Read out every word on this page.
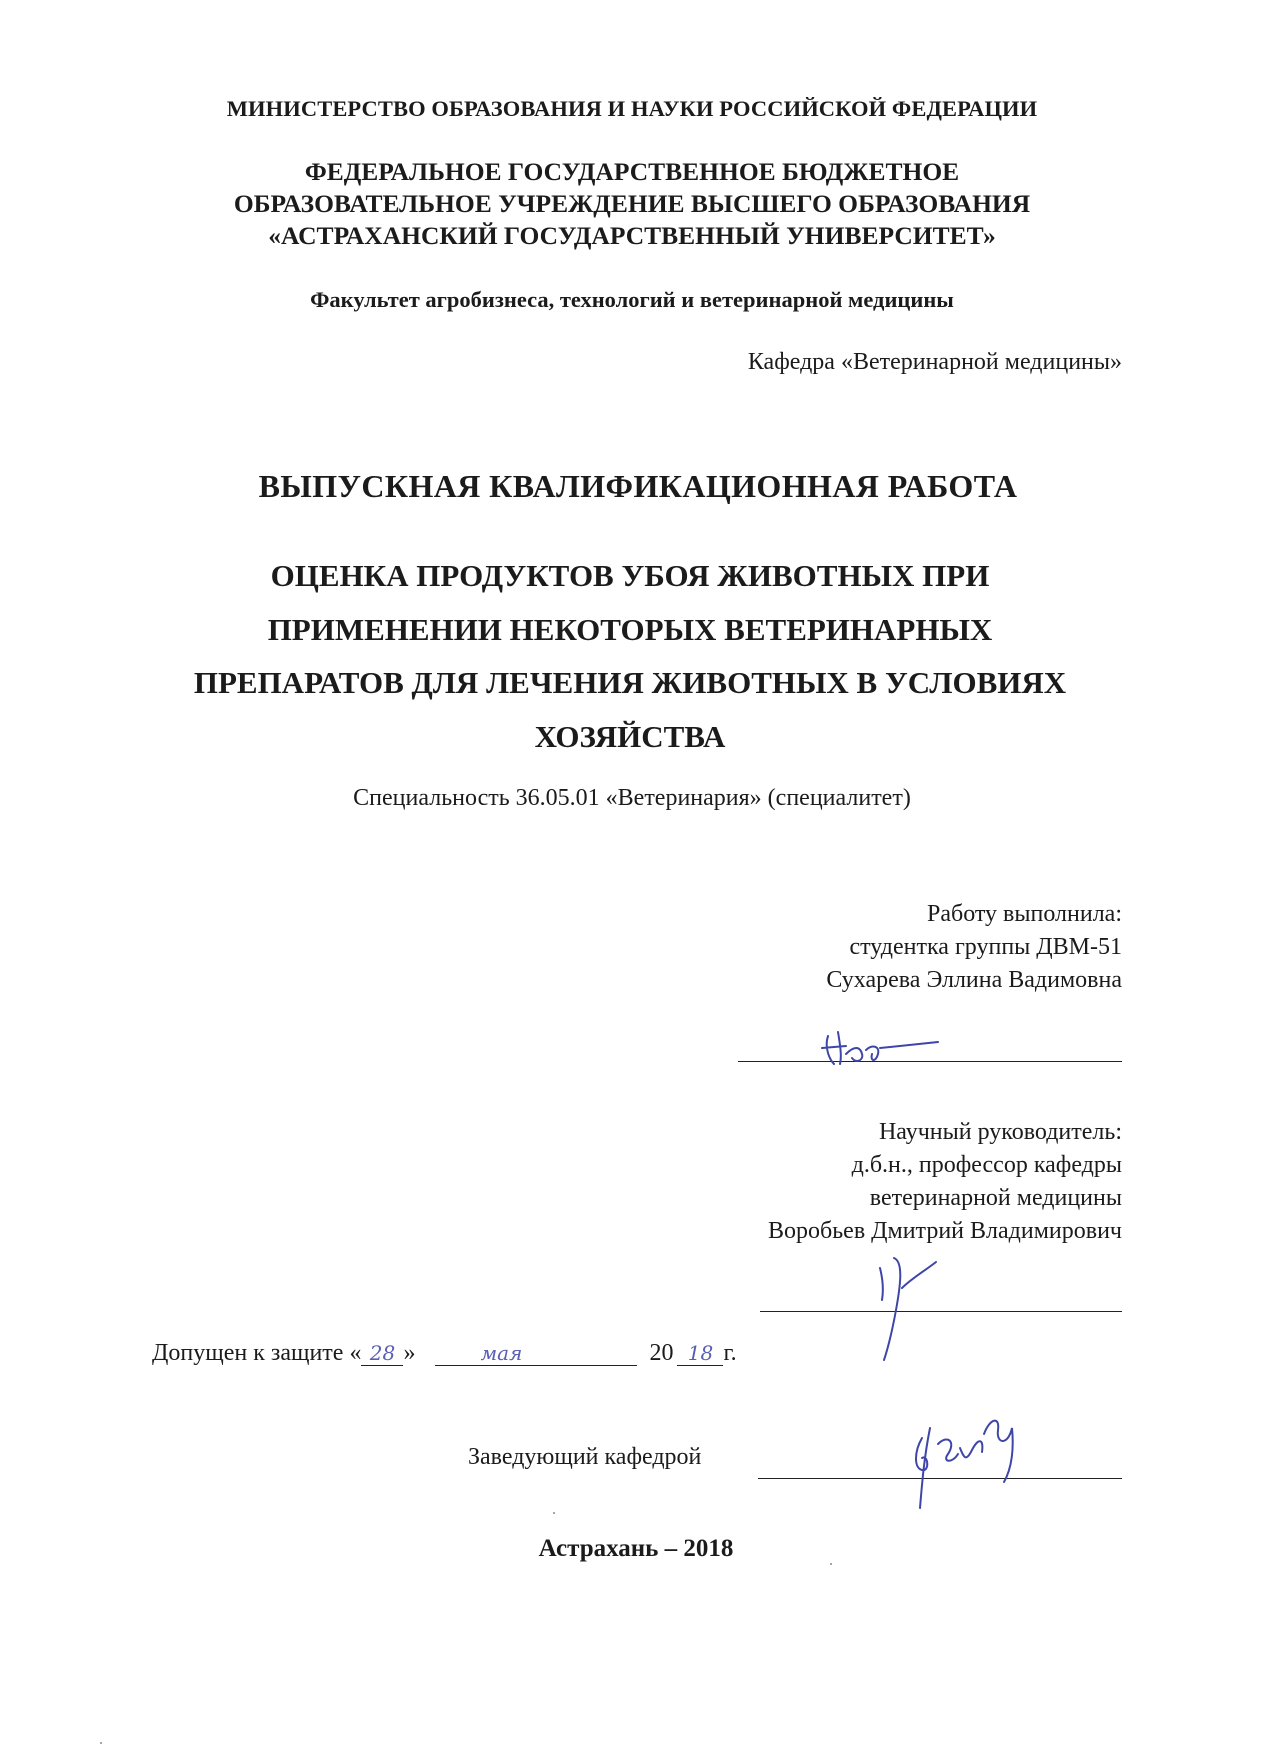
МИНИСТЕРСТВО ОБРАЗОВАНИЯ И НАУКИ РОССИЙСКОЙ ФЕДЕРАЦИИ
ФЕДЕРАЛЬНОЕ ГОСУДАРСТВЕННОЕ БЮДЖЕТНОЕ
ОБРАЗОВАТЕЛЬНОЕ УЧРЕЖДЕНИЕ ВЫСШЕГО ОБРАЗОВАНИЯ
«АСТРАХАНСКИЙ ГОСУДАРСТВЕННЫЙ УНИВЕРСИТЕТ»
Факультет агробизнеса, технологий и ветеринарной медицины
Кафедра «Ветеринарной медицины»
ВЫПУСКНАЯ КВАЛИФИКАЦИОННАЯ РАБОТА
ОЦЕНКА ПРОДУКТОВ УБОЯ ЖИВОТНЫХ ПРИ
ПРИМЕНЕНИИ НЕКОТОРЫХ ВЕТЕРИНАРНЫХ
ПРЕПАРАТОВ ДЛЯ ЛЕЧЕНИЯ ЖИВОТНЫХ В УСЛОВИЯХ
ХОЗЯЙСТВА
Специальность 36.05.01 «Ветеринария» (специалитет)
Работу выполнила:
студентка группы ДВМ-51
Сухарева Эллина Вадимовна
Научный руководитель:
д.б.н., профессор кафедры
ветеринарной медицины
Воробьев Дмитрий Владимирович
Допущен к защите « 28 »	мая	20 18 г.
Заведующий кафедрой
Астрахань – 2018
